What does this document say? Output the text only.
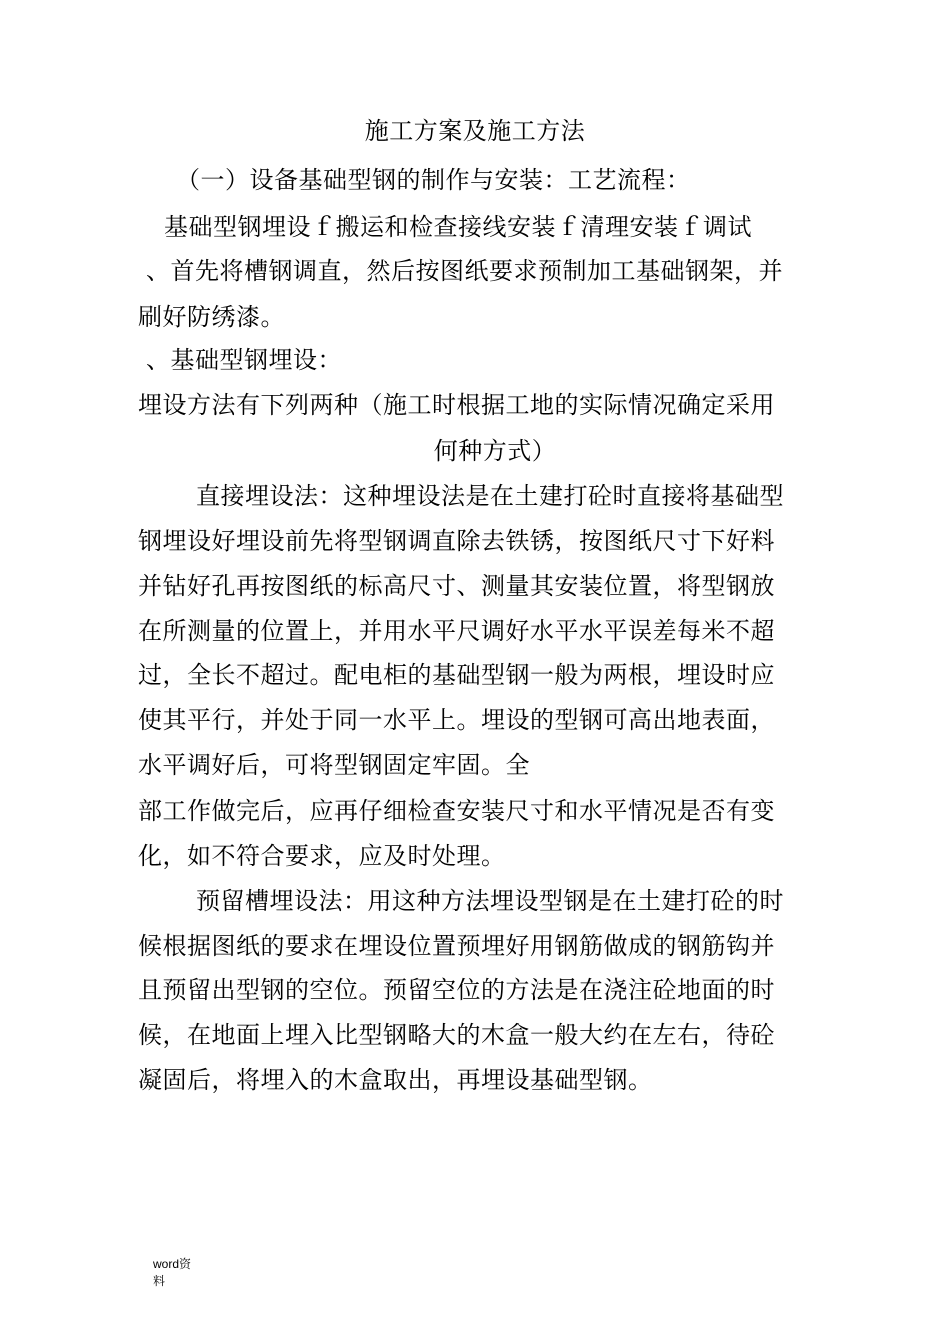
施工方案及施工方法
（一）设备基础型钢的制作与安装：工艺流程：
基础型钢埋设ｆ搬运和检查接线安装ｆ清理安装ｆ调试
、首先将槽钢调直，然后按图纸要求预制加工基础钢架，并
刷好防绣漆。
、基础型钢埋设：
埋设方法有下列两种（施工时根据工地的实际情况确定采用
何种方式）
直接埋设法：这种埋设法是在土建打砼时直接将基础型
钢埋设好埋设前先将型钢调直除去铁锈，按图纸尺寸下好料
并钻好孔再按图纸的标高尺寸、测量其安装位置，将型钢放
在所测量的位置上，并用水平尺调好水平水平误差每米不超
过，全长不超过。配电柜的基础型钢一般为两根，埋设时应
使其平行，并处于同一水平上。埋设的型钢可高出地表面，
水平调好后，可将型钢固定牢固。全
部工作做完后，应再仔细检查安装尺寸和水平情况是否有变
化，如不符合要求，应及时处理。
预留槽埋设法：用这种方法埋设型钢是在土建打砼的时
候根据图纸的要求在埋设位置预埋好用钢筋做成的钢筋钩并
且预留出型钢的空位。预留空位的方法是在浇注砼地面的时
候，在地面上埋入比型钢略大的木盒一般大约在左右，待砼
凝固后，将埋入的木盒取出，再埋设基础型钢。
word资
料
